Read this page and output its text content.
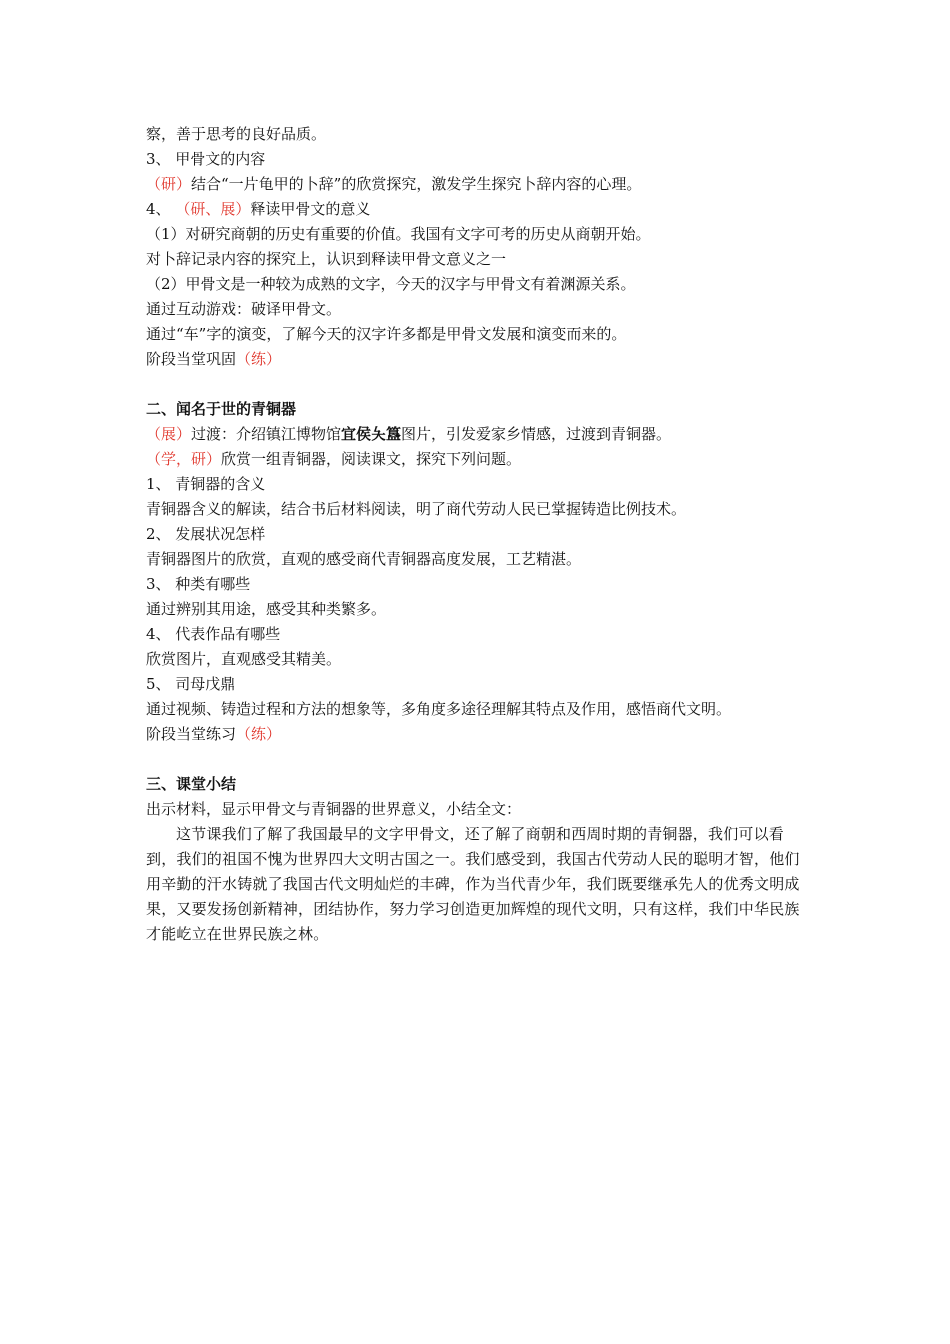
察，善于思考的良好品质。
3、 甲骨文的内容
（研）结合“一片龟甲的卜辞”的欣赏探究，激发学生探究卜辞内容的心理。
4、 （研、展）释读甲骨文的意义
（1）对研究商朝的历史有重要的价值。我国有文字可考的历史从商朝开始。
对卜辞记录内容的探究上，认识到释读甲骨文意义之一
（2）甲骨文是一种较为成熟的文字，今天的汉字与甲骨文有着渊源关系。
通过互动游戏：破译甲骨文。
通过“车”字的演变，了解今天的汉字许多都是甲骨文发展和演变而来的。
阶段当堂巩固（练）
二、闻名于世的青铜器
（展）过渡：介绍镇江博物馆宜侯夨簋图片，引发爱家乡情感，过渡到青铜器。
（学，研）欣赏一组青铜器，阅读课文，探究下列问题。
1、 青铜器的含义
青铜器含义的解读，结合书后材料阅读，明了商代劳动人民已掌握铸造比例技术。
2、 发展状况怎样
青铜器图片的欣赏，直观的感受商代青铜器高度发展，工艺精湛。
3、 种类有哪些
通过辨别其用途，感受其种类繁多。
4、 代表作品有哪些
欣赏图片，直观感受其精美。
5、 司母戊鼎
通过视频、铸造过程和方法的想象等，多角度多途径理解其特点及作用，感悟商代文明。
阶段当堂练习（练）
三、课堂小结
出示材料，显示甲骨文与青铜器的世界意义，小结全文：
这节课我们了解了我国最早的文字甲骨文，还了解了商朝和西周时期的青铜器，我们可以看到，我们的祖国不愧为世界四大文明古国之一。我们感受到，我国古代劳动人民的聪明才智，他们用辛勤的汗水铸就了我国古代文明灿烂的丰碑，作为当代青少年，我们既要继承先人的优秀文明成果，又要发扬创新精神，团结协作，努力学习创造更加辉煌的现代文明，只有这样，我们中华民族才能屹立在世界民族之林。
